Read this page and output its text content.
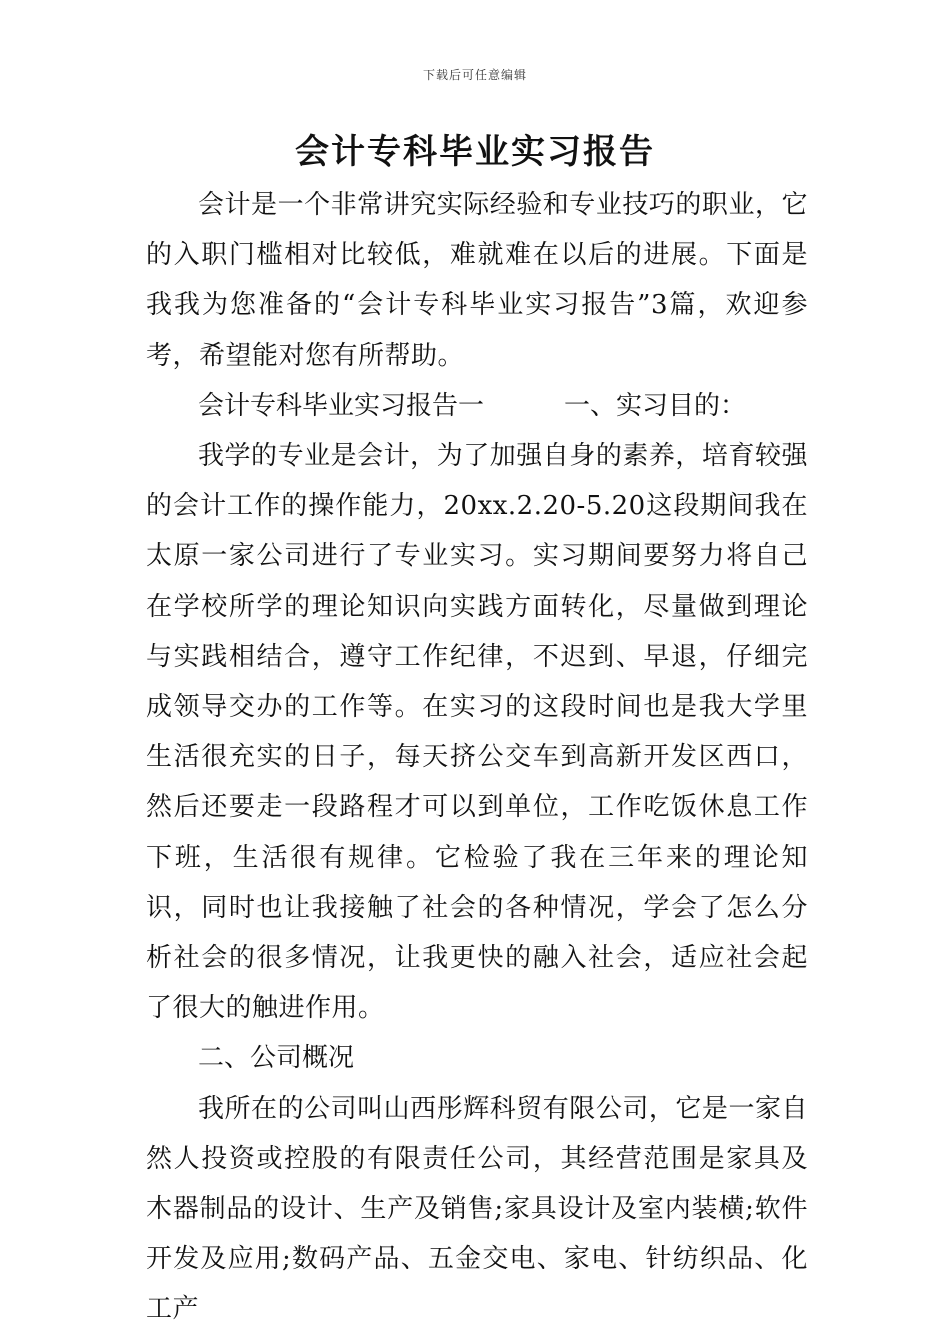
下载后可任意编辑
会计专科毕业实习报告

会计是一个非常讲究实际经验和专业技巧的职业，它的入职门槛相对比较低，难就难在以后的进展。下面是我我为您准备的“会计专科毕业实习报告”3篇，欢迎参考，希望能对您有所帮助。

会计专科毕业实习报告一	一、实习目的：

我学的专业是会计，为了加强自身的素养，培育较强的会计工作的操作能力，20xx.2.20-5.20这段期间我在太原一家公司进行了专业实习。实习期间要努力将自己在学校所学的理论知识向实践方面转化，尽量做到理论与实践相结合，遵守工作纪律，不迟到、早退，仔细完成领导交办的工作等。在实习的这段时间也是我大学里生活很充实的日子，每天挤公交车到高新开发区西口，然后还要走一段路程才可以到单位，工作吃饭休息工作下班，生活很有规律。它检验了我在三年来的理论知识，同时也让我接触了社会的各种情况，学会了怎么分析社会的很多情况，让我更快的融入社会，适应社会起了很大的触进作用。

二、公司概况

我所在的公司叫山西彤辉科贸有限公司，它是一家自然人投资或控股的有限责任公司，其经营范围是家具及木器制品的设计、生产及销售;家具设计及室内装横;软件开发及应用;数码产品、五金交电、家电、针纺织品、化工产
